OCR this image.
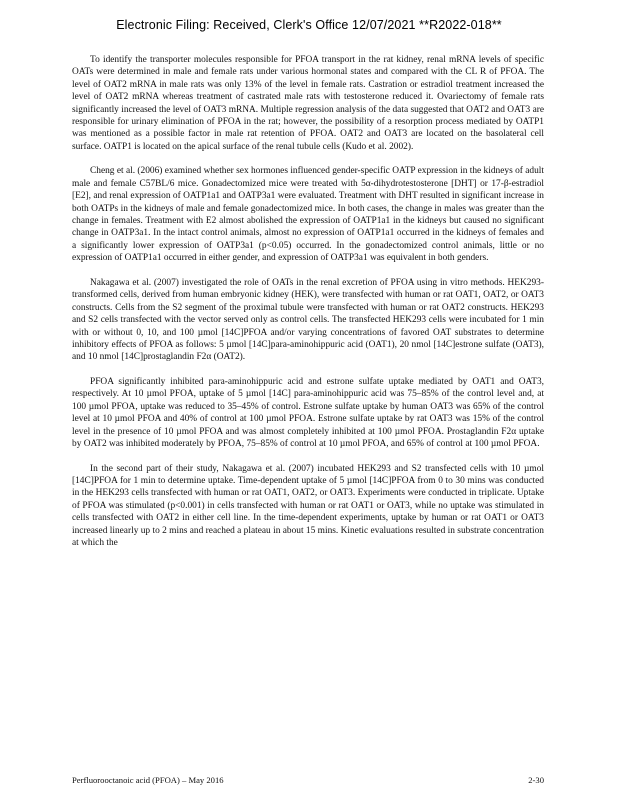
Electronic Filing: Received, Clerk's Office 12/07/2021 **R2022-018**

To identify the transporter molecules responsible for PFOA transport in the rat kidney, renal mRNA levels of specific OATs were determined in male and female rats under various hormonal states and compared with the CL R of PFOA. The level of OAT2 mRNA in male rats was only 13% of the level in female rats. Castration or estradiol treatment increased the level of OAT2 mRNA whereas treatment of castrated male rats with testosterone reduced it. Ovariectomy of female rats significantly increased the level of OAT3 mRNA. Multiple regression analysis of the data suggested that OAT2 and OAT3 are responsible for urinary elimination of PFOA in the rat; however, the possibility of a resorption process mediated by OATP1 was mentioned as a possible factor in male rat retention of PFOA. OAT2 and OAT3 are located on the basolateral cell surface. OATP1 is located on the apical surface of the renal tubule cells (Kudo et al. 2002).

Cheng et al. (2006) examined whether sex hormones influenced gender-specific OATP expression in the kidneys of adult male and female C57BL/6 mice. Gonadectomized mice were treated with 5α-dihydrotestosterone [DHT] or 17-β-estradiol [E2], and renal expression of OATP1a1 and OATP3a1 were evaluated. Treatment with DHT resulted in significant increase in both OATPs in the kidneys of male and female gonadectomized mice. In both cases, the change in males was greater than the change in females. Treatment with E2 almost abolished the expression of OATP1a1 in the kidneys but caused no significant change in OATP3a1. In the intact control animals, almost no expression of OATP1a1 occurred in the kidneys of females and a significantly lower expression of OATP3a1 (p<0.05) occurred. In the gonadectomized control animals, little or no expression of OATP1a1 occurred in either gender, and expression of OATP3a1 was equivalent in both genders.

Nakagawa et al. (2007) investigated the role of OATs in the renal excretion of PFOA using in vitro methods. HEK293-transformed cells, derived from human embryonic kidney (HEK), were transfected with human or rat OAT1, OAT2, or OAT3 constructs. Cells from the S2 segment of the proximal tubule were transfected with human or rat OAT2 constructs. HEK293 and S2 cells transfected with the vector served only as control cells. The transfected HEK293 cells were incubated for 1 min with or without 0, 10, and 100 µmol [14C]PFOA and/or varying concentrations of favored OAT substrates to determine inhibitory effects of PFOA as follows: 5 µmol [14C]para-aminohippuric acid (OAT1), 20 nmol [14C]estrone sulfate (OAT3), and 10 nmol [14C]prostaglandin F2α (OAT2).

PFOA significantly inhibited para-aminohippuric acid and estrone sulfate uptake mediated by OAT1 and OAT3, respectively. At 10 µmol PFOA, uptake of 5 µmol [14C] para-aminohippuric acid was 75–85% of the control level and, at 100 µmol PFOA, uptake was reduced to 35–45% of control. Estrone sulfate uptake by human OAT3 was 65% of the control level at 10 µmol PFOA and 40% of control at 100 µmol PFOA. Estrone sulfate uptake by rat OAT3 was 15% of the control level in the presence of 10 µmol PFOA and was almost completely inhibited at 100 µmol PFOA. Prostaglandin F2α uptake by OAT2 was inhibited moderately by PFOA, 75–85% of control at 10 µmol PFOA, and 65% of control at 100 µmol PFOA.

In the second part of their study, Nakagawa et al. (2007) incubated HEK293 and S2 transfected cells with 10 µmol [14C]PFOA for 1 min to determine uptake. Time-dependent uptake of 5 µmol [14C]PFOA from 0 to 30 mins was conducted in the HEK293 cells transfected with human or rat OAT1, OAT2, or OAT3. Experiments were conducted in triplicate. Uptake of PFOA was stimulated (p<0.001) in cells transfected with human or rat OAT1 or OAT3, while no uptake was stimulated in cells transfected with OAT2 in either cell line. In the time-dependent experiments, uptake by human or rat OAT1 or OAT3 increased linearly up to 2 mins and reached a plateau in about 15 mins. Kinetic evaluations resulted in substrate concentration at which the

Perfluorooctanoic acid (PFOA) – May 2016	2-30
